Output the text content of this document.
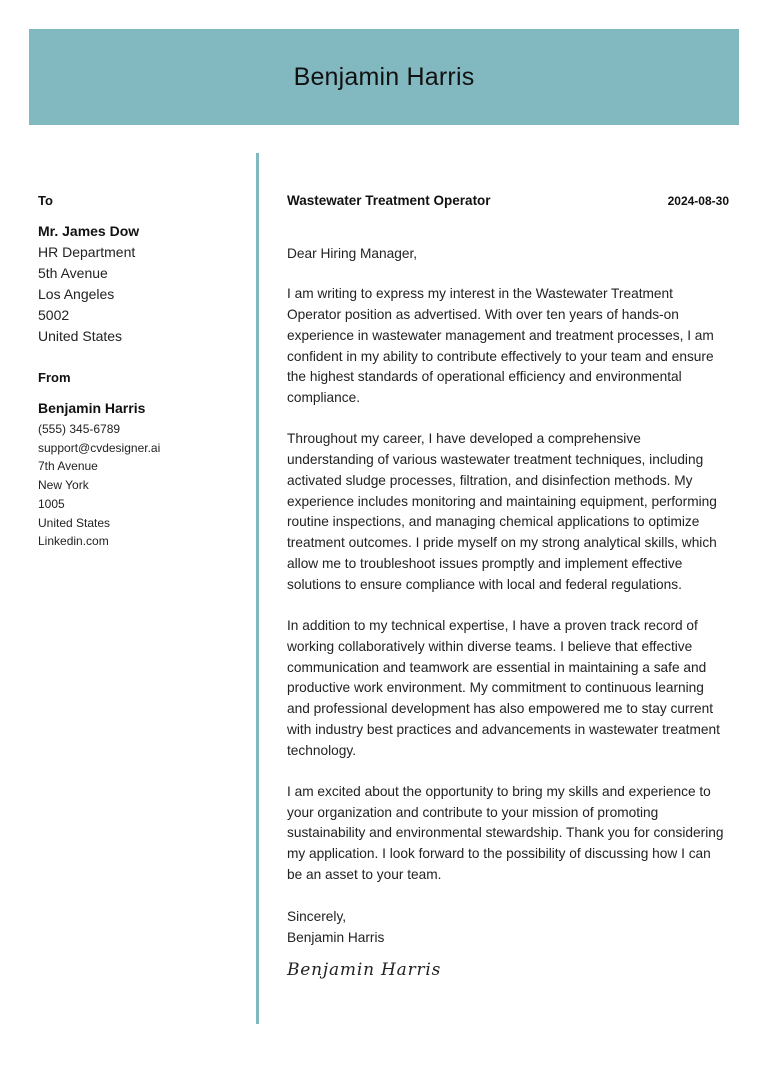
Benjamin Harris
To
Mr. James Dow
HR Department
5th Avenue
Los Angeles
5002
United States
From
Benjamin Harris
(555) 345-6789
support@cvdesigner.ai
7th Avenue
New York
1005
United States
Linkedin.com
Wastewater Treatment Operator	2024-08-30
Dear Hiring Manager,

I am writing to express my interest in the Wastewater Treatment Operator position as advertised. With over ten years of hands-on experience in wastewater management and treatment processes, I am confident in my ability to contribute effectively to your team and ensure the highest standards of operational efficiency and environmental compliance.

Throughout my career, I have developed a comprehensive understanding of various wastewater treatment techniques, including activated sludge processes, filtration, and disinfection methods. My experience includes monitoring and maintaining equipment, performing routine inspections, and managing chemical applications to optimize treatment outcomes. I pride myself on my strong analytical skills, which allow me to troubleshoot issues promptly and implement effective solutions to ensure compliance with local and federal regulations.

In addition to my technical expertise, I have a proven track record of working collaboratively within diverse teams. I believe that effective communication and teamwork are essential in maintaining a safe and productive work environment. My commitment to continuous learning and professional development has also empowered me to stay current with industry best practices and advancements in wastewater treatment technology.

I am excited about the opportunity to bring my skills and experience to your organization and contribute to your mission of promoting sustainability and environmental stewardship. Thank you for considering my application. I look forward to the possibility of discussing how I can be an asset to your team.

Sincerely,
Benjamin Harris
Benjamin Harris
